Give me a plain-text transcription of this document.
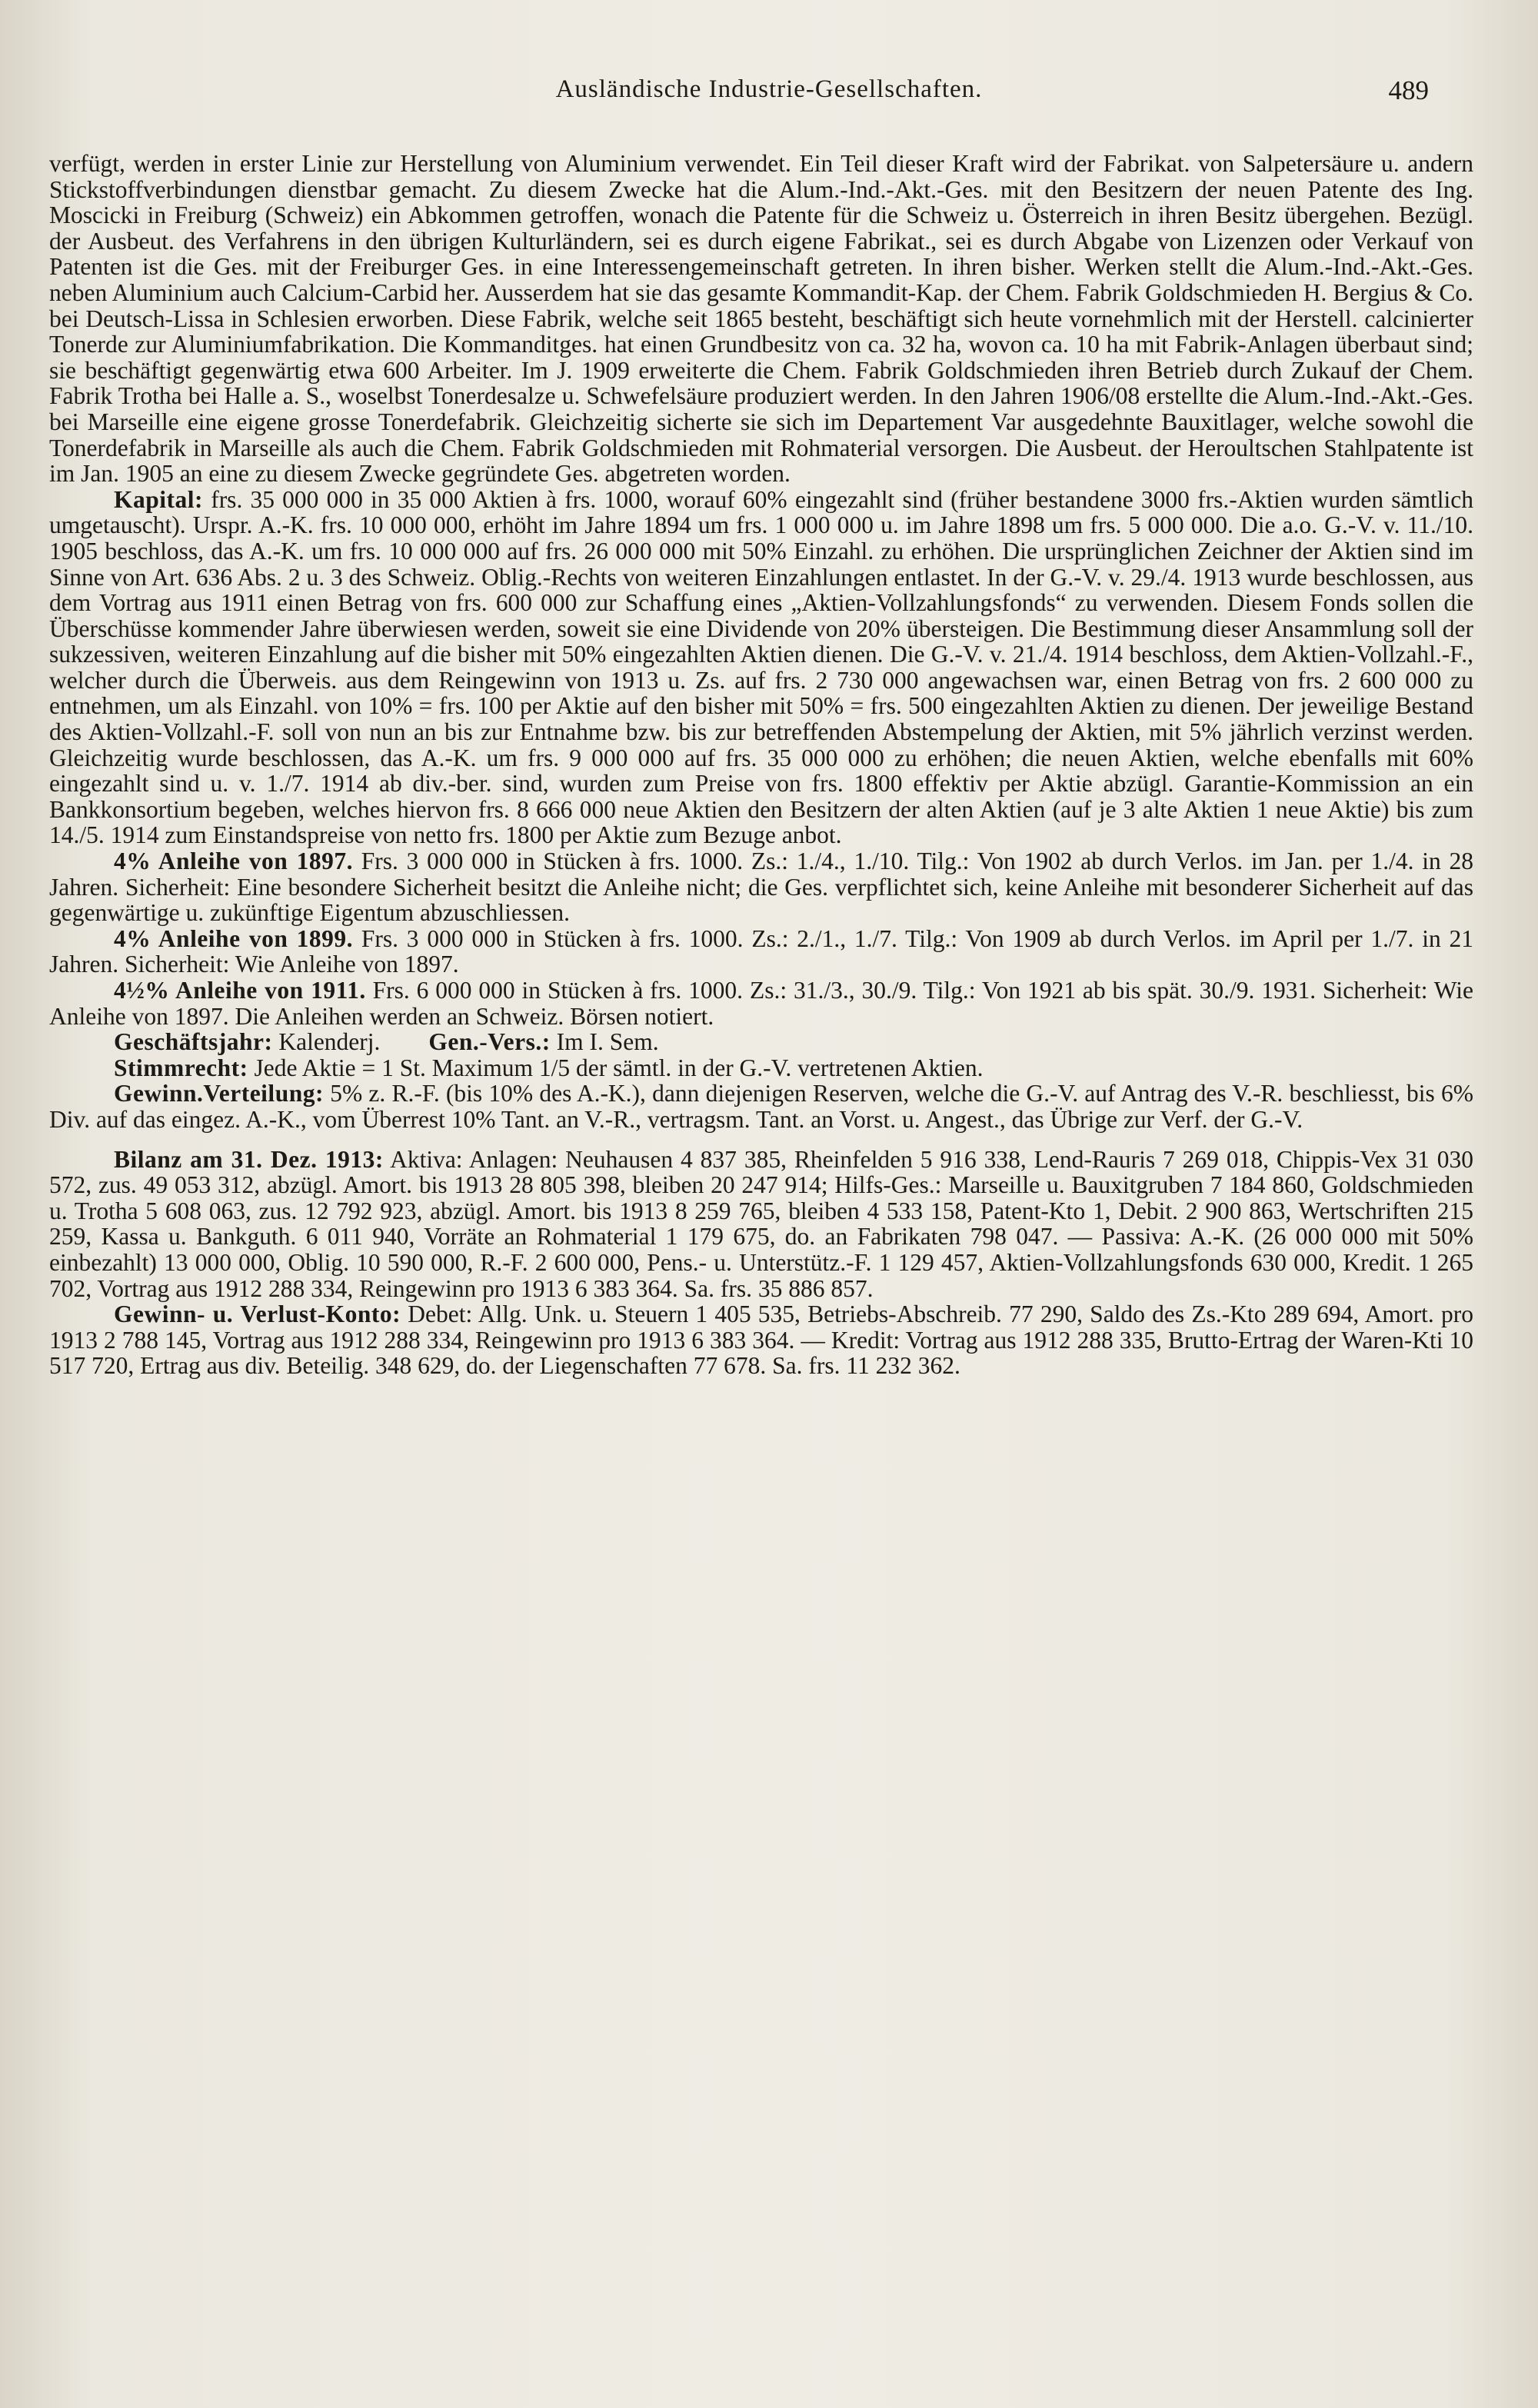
Ausländische Industrie-Gesellschaften.	489

verfügt, werden in erster Linie zur Herstellung von Aluminium verwendet. Ein Teil dieser Kraft wird der Fabrikat. von Salpetersäure u. andern Stickstoffverbindungen dienstbar gemacht. Zu diesem Zwecke hat die Alum.-Ind.-Akt.-Ges. mit den Besitzern der neuen Patente des Ing. Moscicki in Freiburg (Schweiz) ein Abkommen getroffen, wonach die Patente für die Schweiz u. Österreich in ihren Besitz übergehen. Bezügl. der Ausbeut. des Verfahrens in den übrigen Kulturländern, sei es durch eigene Fabrikat., sei es durch Abgabe von Lizenzen oder Verkauf von Patenten ist die Ges. mit der Freiburger Ges. in eine Interessengemeinschaft getreten. In ihren bisher. Werken stellt die Alum.-Ind.-Akt.-Ges. neben Aluminium auch Calcium-Carbid her. Ausserdem hat sie das gesamte Kommandit-Kap. der Chem. Fabrik Goldschmieden H. Bergius & Co. bei Deutsch-Lissa in Schlesien erworben. Diese Fabrik, welche seit 1865 besteht, beschäftigt sich heute vornehmlich mit der Herstell. calcinierter Tonerde zur Aluminiumfabrikation. Die Kommanditges. hat einen Grundbesitz von ca. 32 ha, wovon ca. 10 ha mit Fabrik-Anlagen überbaut sind; sie beschäftigt gegenwärtig etwa 600 Arbeiter. Im J. 1909 erweiterte die Chem. Fabrik Goldschmieden ihren Betrieb durch Zukauf der Chem. Fabrik Trotha bei Halle a. S., woselbst Tonerdesalze u. Schwefelsäure produziert werden. In den Jahren 1906/08 erstellte die Alum.-Ind.-Akt.-Ges. bei Marseille eine eigene grosse Tonerdefabrik. Gleichzeitig sicherte sie sich im Departement Var ausgedehnte Bauxitlager, welche sowohl die Tonerdefabrik in Marseille als auch die Chem. Fabrik Goldschmieden mit Rohmaterial versorgen. Die Ausbeut. der Heroultschen Stahlpatente ist im Jan. 1905 an eine zu diesem Zwecke gegründete Ges. abgetreten worden.

Kapital: frs. 35 000 000 in 35 000 Aktien à frs. 1000, worauf 60% eingezahlt sind (früher bestandene 3000 frs.-Aktien wurden sämtlich umgetauscht). Urspr. A.-K. frs. 10 000 000, erhöht im Jahre 1894 um frs. 1 000 000 u. im Jahre 1898 um frs. 5 000 000. Die a.o. G.-V. v. 11./10. 1905 beschloss, das A.-K. um frs. 10 000 000 auf frs. 26 000 000 mit 50% Einzahl. zu erhöhen. Die ursprünglichen Zeichner der Aktien sind im Sinne von Art. 636 Abs. 2 u. 3 des Schweiz. Oblig.-Rechts von weiteren Einzahlungen entlastet. In der G.-V. v. 29./4. 1913 wurde beschlossen, aus dem Vortrag aus 1911 einen Betrag von frs. 600 000 zur Schaffung eines „Aktien-Vollzahlungsfonds“ zu verwenden. Diesem Fonds sollen die Überschüsse kommender Jahre überwiesen werden, soweit sie eine Dividende von 20% übersteigen. Die Bestimmung dieser Ansammlung soll der sukzessiven, weiteren Einzahlung auf die bisher mit 50% eingezahlten Aktien dienen. Die G.-V. v. 21./4. 1914 beschloss, dem Aktien-Vollzahl.-F., welcher durch die Überweis. aus dem Reingewinn von 1913 u. Zs. auf frs. 2 730 000 angewachsen war, einen Betrag von frs. 2 600 000 zu entnehmen, um als Einzahl. von 10% = frs. 100 per Aktie auf den bisher mit 50% = frs. 500 eingezahlten Aktien zu dienen. Der jeweilige Bestand des Aktien-Vollzahl.-F. soll von nun an bis zur Entnahme bzw. bis zur betreffenden Abstempelung der Aktien, mit 5% jährlich verzinst werden. Gleichzeitig wurde beschlossen, das A.-K. um frs. 9 000 000 auf frs. 35 000 000 zu erhöhen; die neuen Aktien, welche ebenfalls mit 60% eingezahlt sind u. v. 1./7. 1914 ab div.-ber. sind, wurden zum Preise von frs. 1800 effektiv per Aktie abzügl. Garantie-Kommission an ein Bankkonsortium begeben, welches hiervon frs. 8 666 000 neue Aktien den Besitzern der alten Aktien (auf je 3 alte Aktien 1 neue Aktie) bis zum 14./5. 1914 zum Einstandspreise von netto frs. 1800 per Aktie zum Bezuge anbot.

4% Anleihe von 1897. Frs. 3 000 000 in Stücken à frs. 1000. Zs.: 1./4., 1./10. Tilg.: Von 1902 ab durch Verlos. im Jan. per 1./4. in 28 Jahren. Sicherheit: Eine besondere Sicherheit besitzt die Anleihe nicht; die Ges. verpflichtet sich, keine Anleihe mit besonderer Sicherheit auf das gegenwärtige u. zukünftige Eigentum abzuschliessen.

4% Anleihe von 1899. Frs. 3 000 000 in Stücken à frs. 1000. Zs.: 2./1., 1./7. Tilg.: Von 1909 ab durch Verlos. im April per 1./7. in 21 Jahren. Sicherheit: Wie Anleihe von 1897.

4½% Anleihe von 1911. Frs. 6 000 000 in Stücken à frs. 1000. Zs.: 31./3., 30./9. Tilg.: Von 1921 ab bis spät. 30./9. 1931. Sicherheit: Wie Anleihe von 1897. Die Anleihen werden an Schweiz. Börsen notiert.

Geschäftsjahr: Kalenderj. Gen.-Vers.: Im I. Sem.

Stimmrecht: Jede Aktie = 1 St. Maximum 1/5 der sämtl. in der G.-V. vertretenen Aktien.

Gewinn.Verteilung: 5% z. R.-F. (bis 10% des A.-K.), dann diejenigen Reserven, welche die G.-V. auf Antrag des V.-R. beschliesst, bis 6% Div. auf das eingez. A.-K., vom Überrest 10% Tant. an V.-R., vertragsm. Tant. an Vorst. u. Angest., das Übrige zur Verf. der G.-V.

Bilanz am 31. Dez. 1913: Aktiva: Anlagen: Neuhausen 4 837 385, Rheinfelden 5 916 338, Lend-Rauris 7 269 018, Chippis-Vex 31 030 572, zus. 49 053 312, abzügl. Amort. bis 1913 28 805 398, bleiben 20 247 914; Hilfs-Ges.: Marseille u. Bauxitgruben 7 184 860, Goldschmieden u. Trotha 5 608 063, zus. 12 792 923, abzügl. Amort. bis 1913 8 259 765, bleiben 4 533 158, Patent-Kto 1, Debit. 2 900 863, Wertschriften 215 259, Kassa u. Bankguth. 6 011 940, Vorräte an Rohmaterial 1 179 675, do. an Fabrikaten 798 047. — Passiva: A.-K. (26 000 000 mit 50% einbezahlt) 13 000 000, Oblig. 10 590 000, R.-F. 2 600 000, Pens.- u. Unterstütz.-F. 1 129 457, Aktien-Vollzahlungsfonds 630 000, Kredit. 1 265 702, Vortrag aus 1912 288 334, Reingewinn pro 1913 6 383 364. Sa. frs. 35 886 857.

Gewinn- u. Verlust-Konto: Debet: Allg. Unk. u. Steuern 1 405 535, Betriebs-Abschreib. 77 290, Saldo des Zs.-Kto 289 694, Amort. pro 1913 2 788 145, Vortrag aus 1912 288 334, Reingewinn pro 1913 6 383 364. — Kredit: Vortrag aus 1912 288 335, Brutto-Ertrag der Waren-Kti 10 517 720, Ertrag aus div. Beteilig. 348 629, do. der Liegenschaften 77 678. Sa. frs. 11 232 362.
